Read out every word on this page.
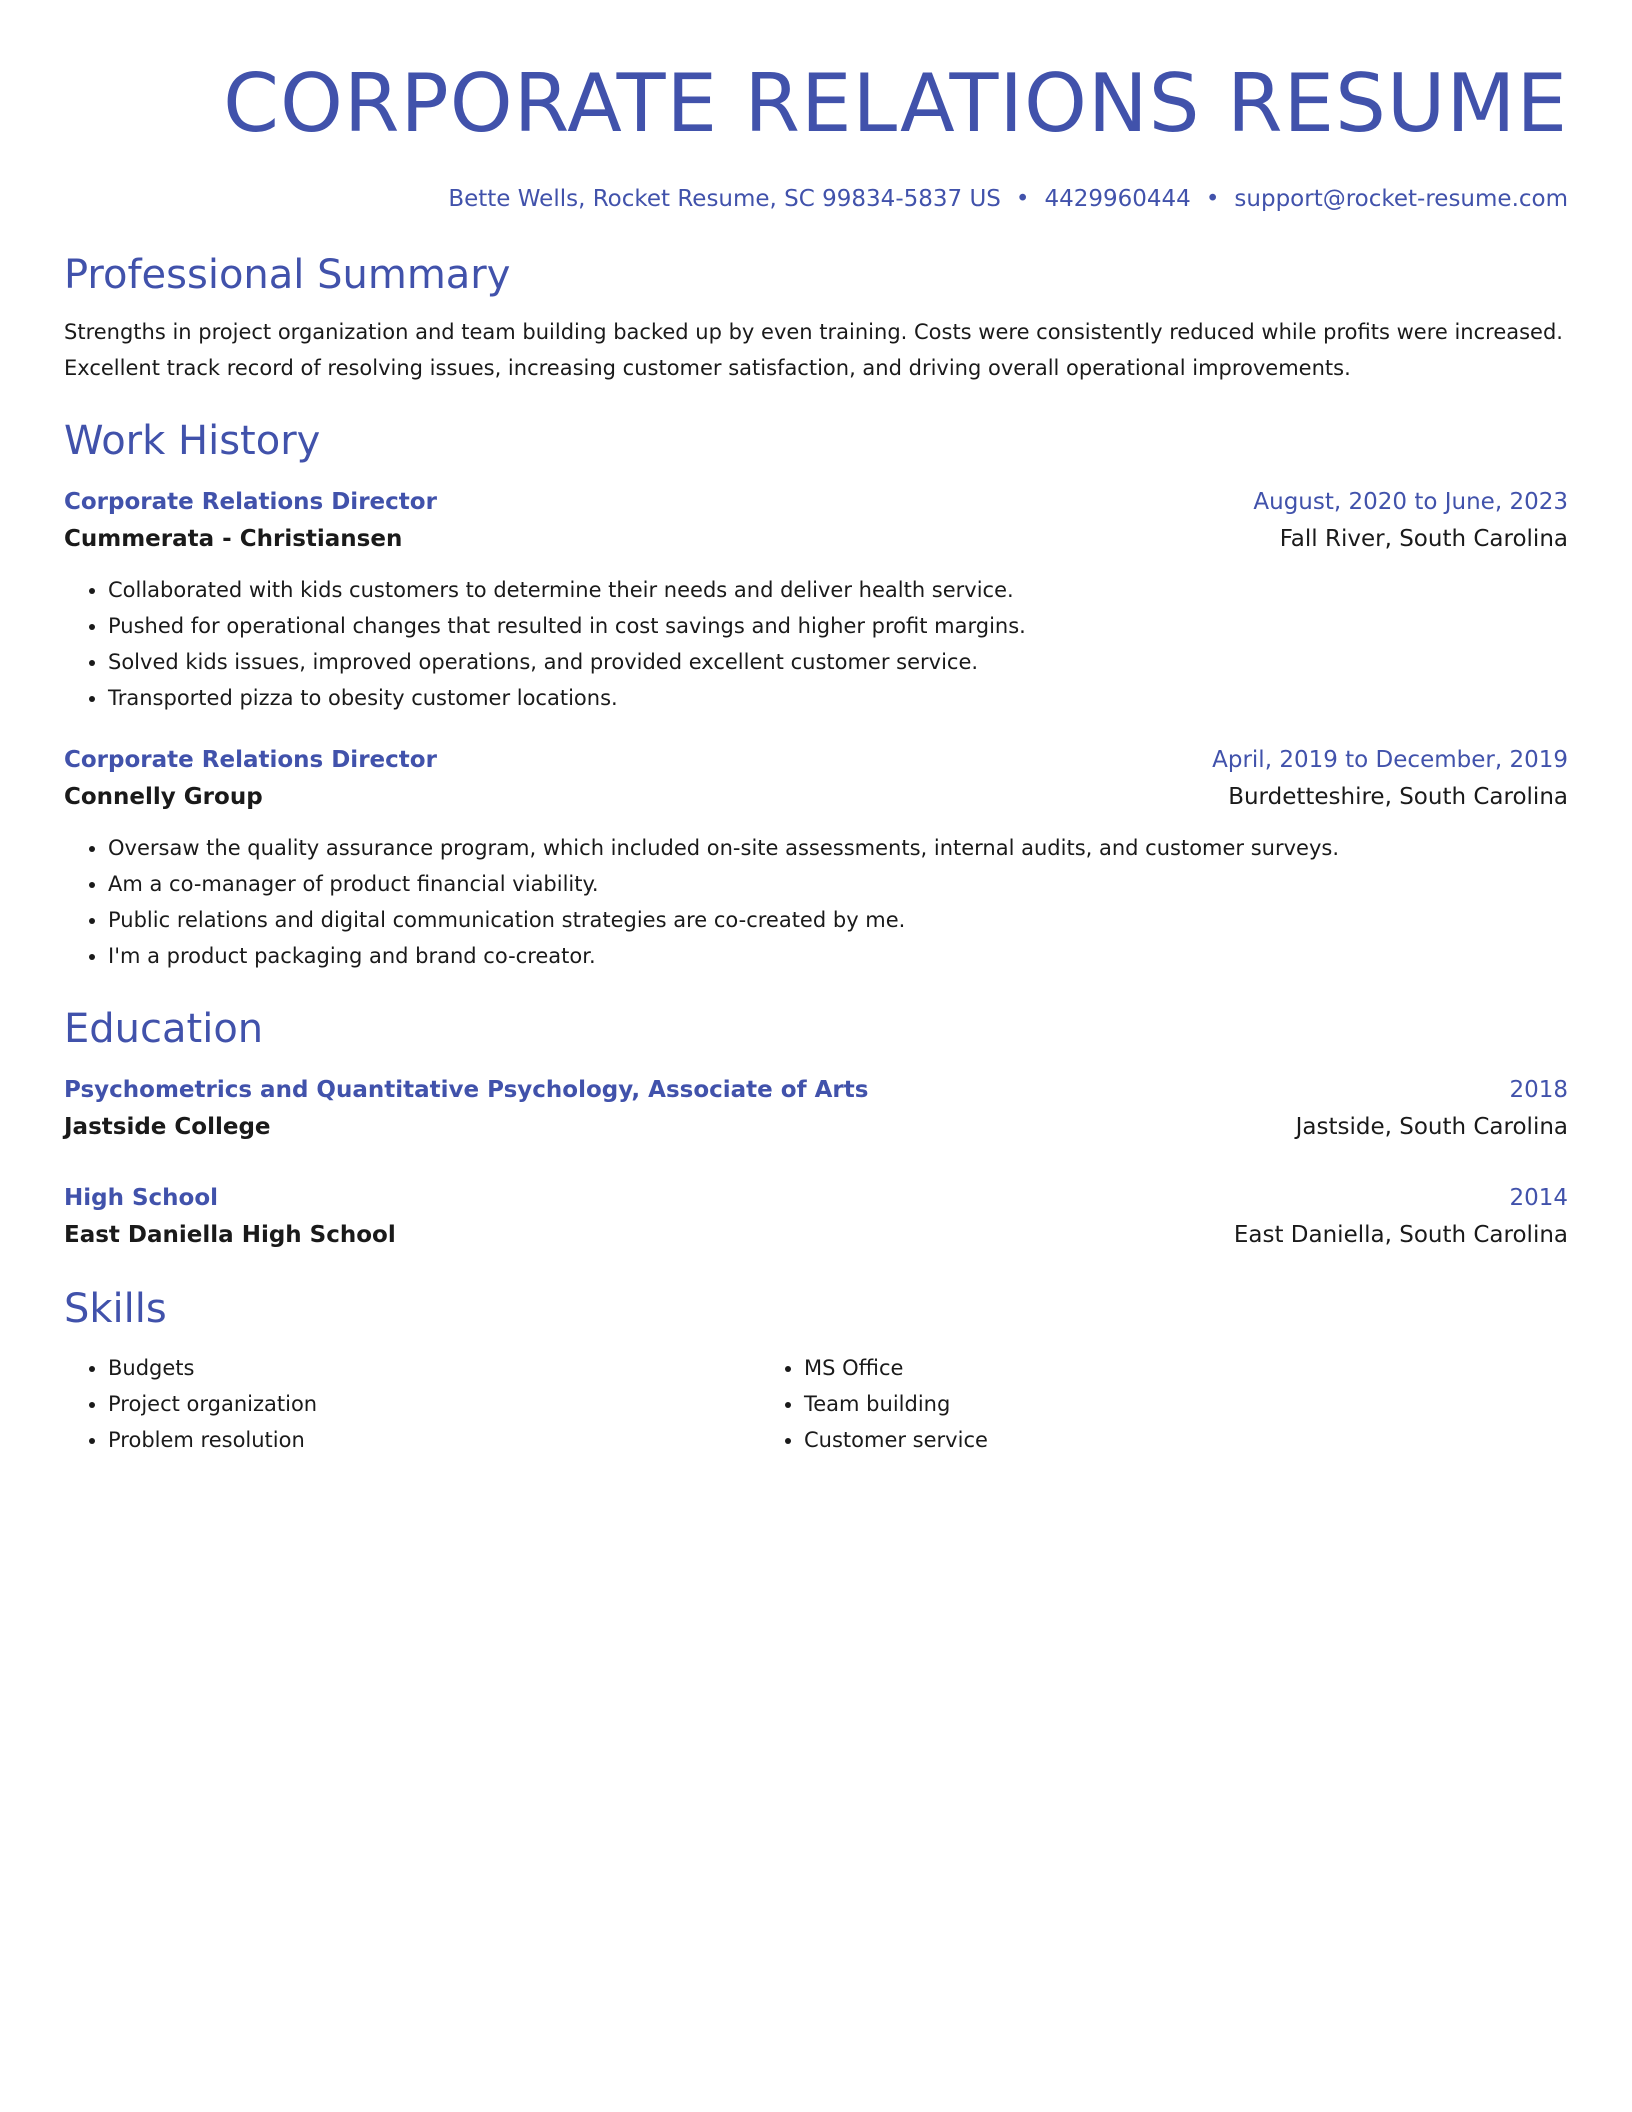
CORPORATE RELATIONS RESUME
Bette Wells, Rocket Resume, SC 99834-5837 US • 4429960444 • support@rocket-resume.com
Professional Summary
Strengths in project organization and team building backed up by even training. Costs were consistently reduced while profits were increased. Excellent track record of resolving issues, increasing customer satisfaction, and driving overall operational improvements.
Work History
Corporate Relations Director	August, 2020 to June, 2023
Cummerata - Christiansen	Fall River, South Carolina
• Collaborated with kids customers to determine their needs and deliver health service.
• Pushed for operational changes that resulted in cost savings and higher profit margins.
• Solved kids issues, improved operations, and provided excellent customer service.
• Transported pizza to obesity customer locations.
Corporate Relations Director	April, 2019 to December, 2019
Connelly Group	Burdetteshire, South Carolina
• Oversaw the quality assurance program, which included on-site assessments, internal audits, and customer surveys.
• Am a co-manager of product financial viability.
• Public relations and digital communication strategies are co-created by me.
• I'm a product packaging and brand co-creator.
Education
Psychometrics and Quantitative Psychology, Associate of Arts	2018
Jastside College	Jastside, South Carolina
High School	2014
East Daniella High School	East Daniella, South Carolina
Skills
• Budgets
• Project organization
• Problem resolution
• MS Office
• Team building
• Customer service
